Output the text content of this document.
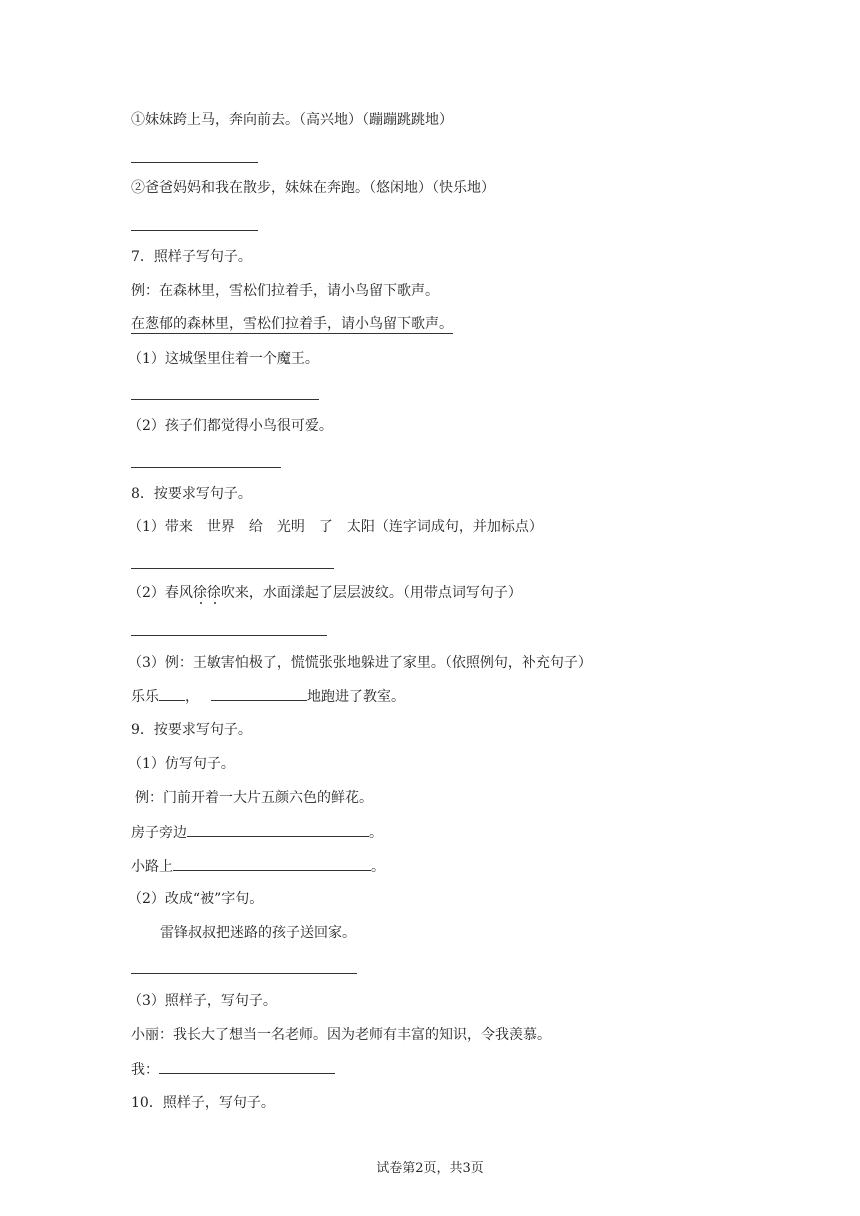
①妹妹跨上马，奔向前去。（高兴地）（蹦蹦跳跳地）
②爸爸妈妈和我在散步，妹妹在奔跑。（悠闲地）（快乐地）
7．照样子写句子。
例：在森林里，雪松们拉着手，请小鸟留下歌声。
在葱郁的森林里，雪松们拉着手，请小鸟留下歌声。
（1）这城堡里住着一个魔王。
（2）孩子们都觉得小鸟很可爱。
8．按要求写句子。
（1）带来　世界　给　光明　了　太阳（连字词成句，并加标点）
（2）春风徐徐吹来，水面漾起了层层波纹。（用带点词写句子）
（3）例：王敏害怕极了，慌慌张张地躲进了家里。（依照例句，补充句子）
乐乐 ，	地跑进了教室。
9．按要求写句子。
（1）仿写句子。
例：门前开着一大片五颜六色的鲜花。
房子旁边	。
小路上	。
（2）改成“被”字句。
雷锋叔叔把迷路的孩子送回家。
（3）照样子，写句子。
小丽：我长大了想当一名老师。因为老师有丰富的知识，令我羡慕。
我：
10．照样子，写句子。
试卷第2页，共3页
